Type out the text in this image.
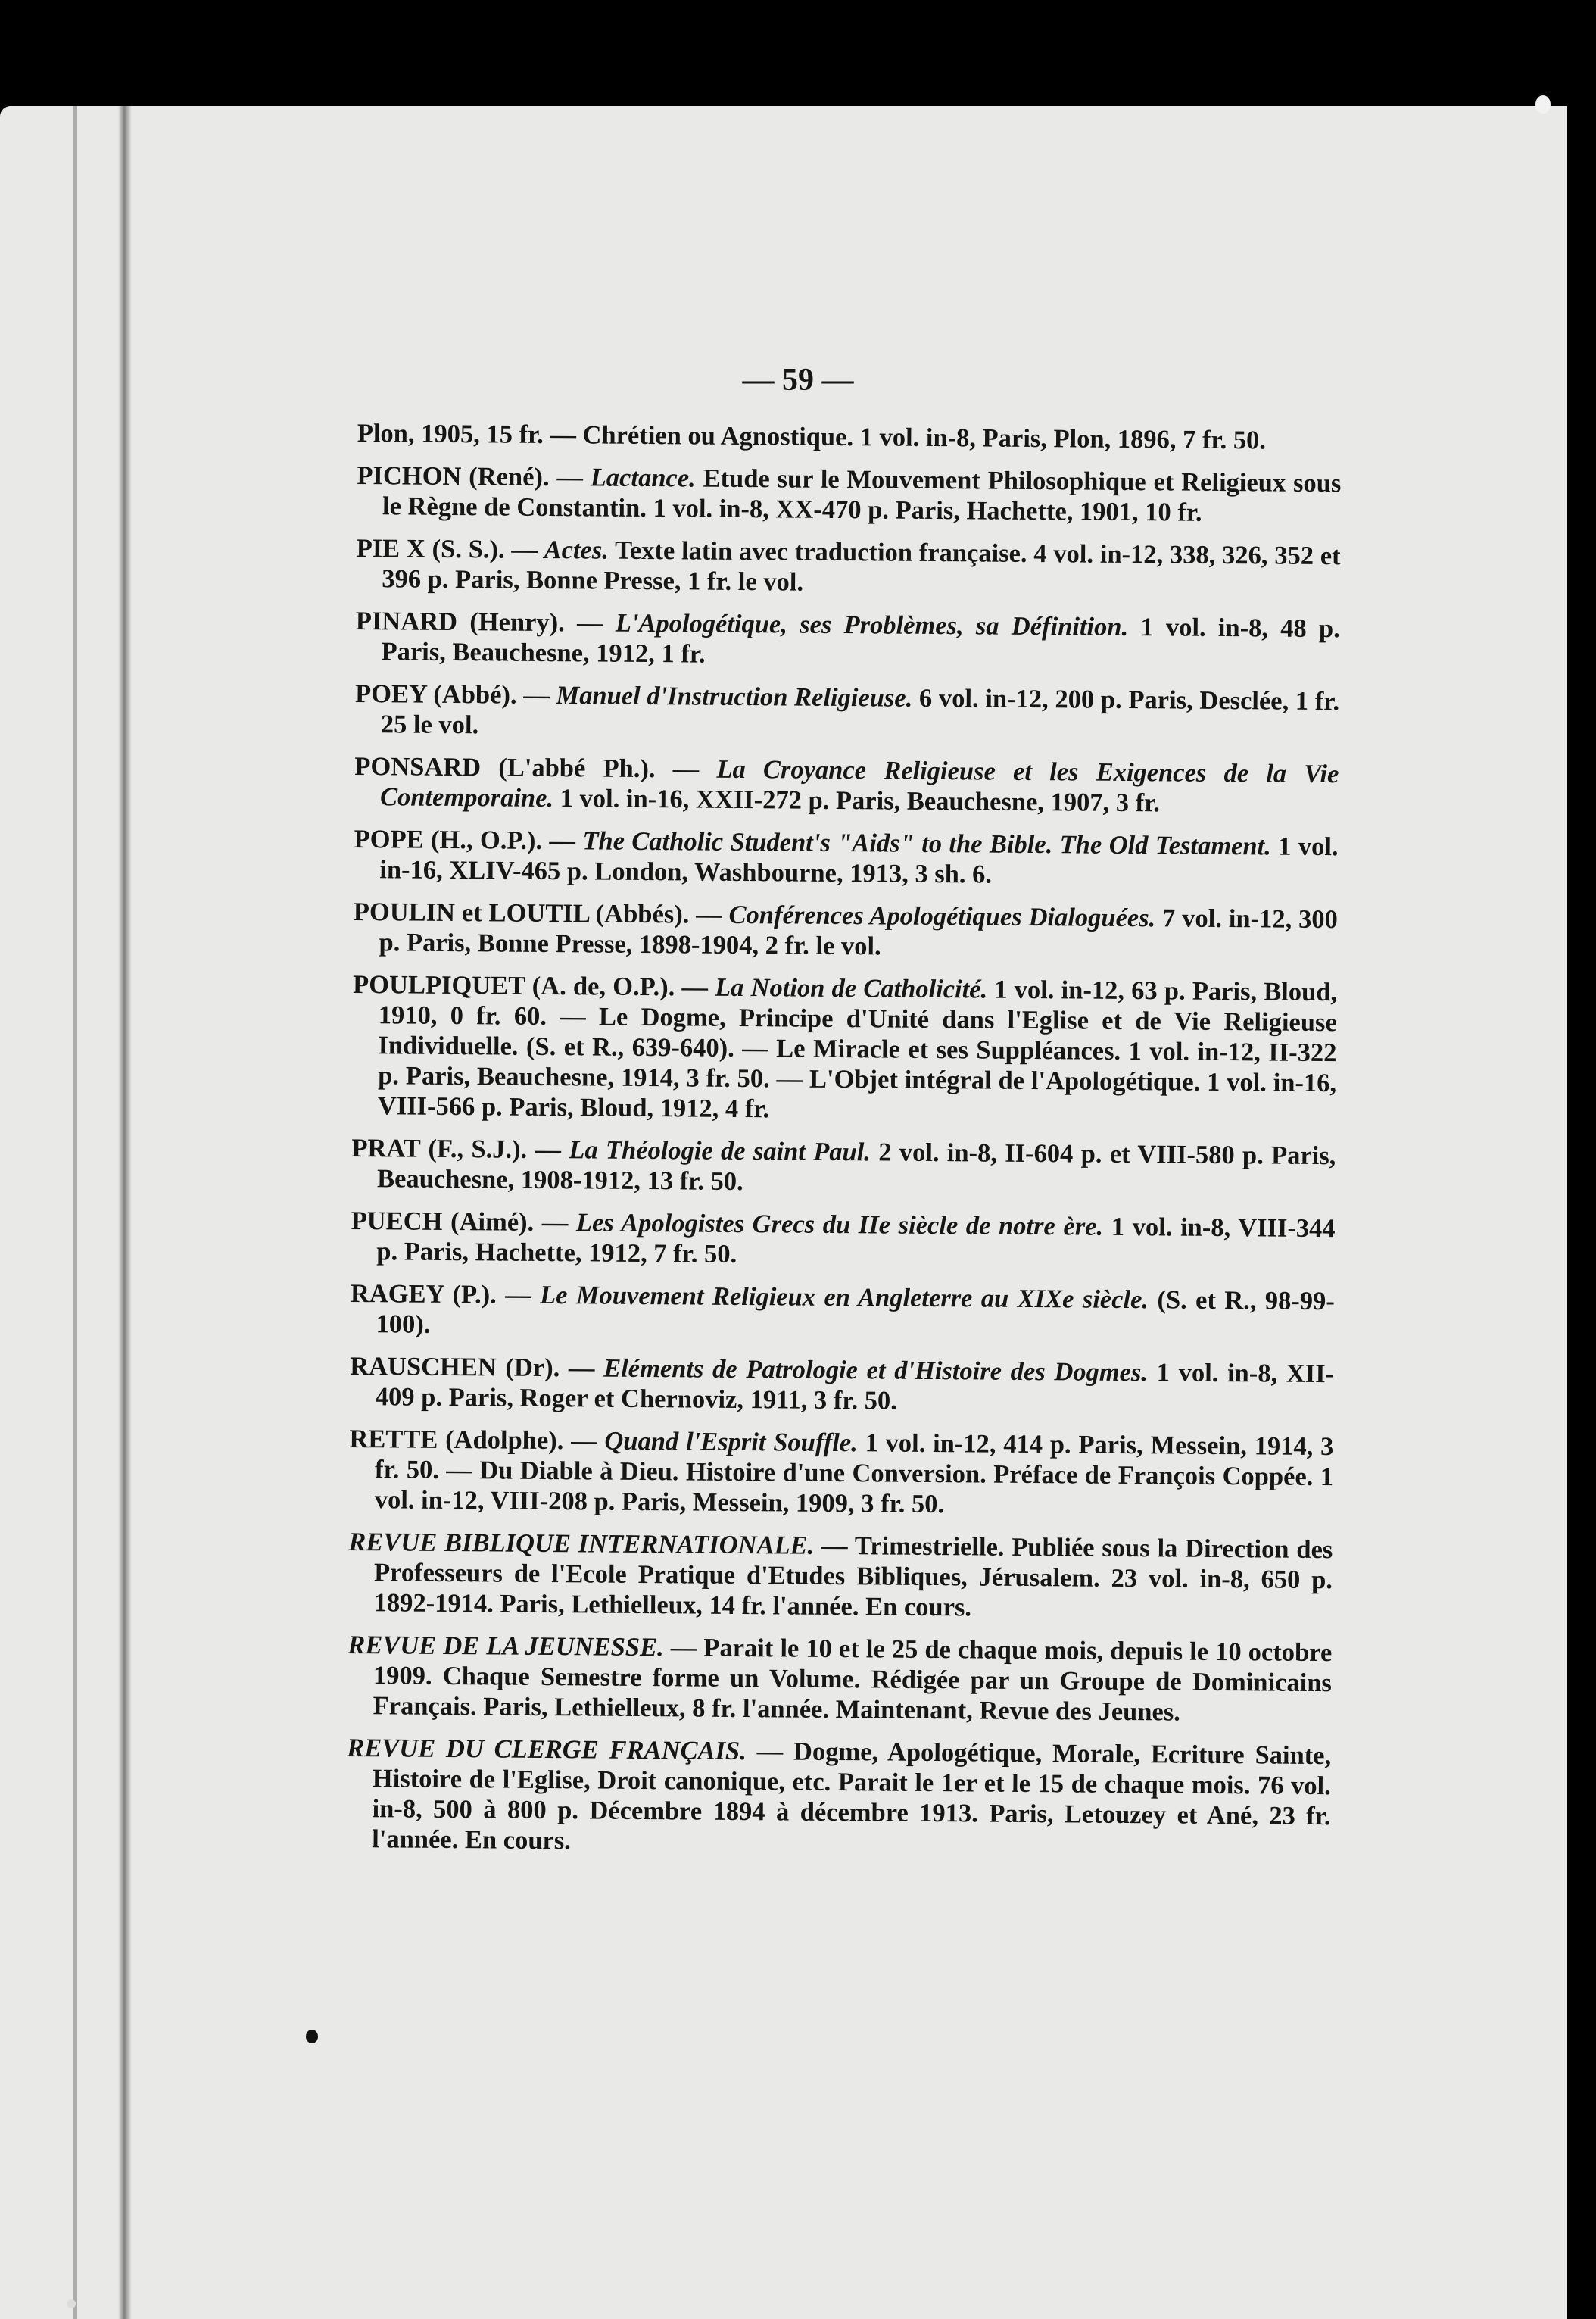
— 59 —

Plon, 1905, 15 fr. — Chrétien ou Agnostique. 1 vol. in-8, Paris, Plon, 1896, 7 fr. 50.

PICHON (René). — Lactance. Etude sur le Mouvement Philosophique et Religieux sous le Règne de Constantin. 1 vol. in-8, XX-470 p. Paris, Hachette, 1901, 10 fr.

PIE X (S. S.). — Actes. Texte latin avec traduction française. 4 vol. in-12, 338, 326, 352 et 396 p. Paris, Bonne Presse, 1 fr. le vol.

PINARD (Henry). — L'Apologétique, ses Problèmes, sa Définition. 1 vol. in-8, 48 p. Paris, Beauchesne, 1912, 1 fr.

POEY (Abbé). — Manuel d'Instruction Religieuse. 6 vol. in-12, 200 p. Paris, Desclée, 1 fr. 25 le vol.

PONSARD (L'abbé Ph.). — La Croyance Religieuse et les Exigences de la Vie Contemporaine. 1 vol. in-16, XXII-272 p. Paris, Beauchesne, 1907, 3 fr.

POPE (H., O.P.). — The Catholic Student's "Aids" to the Bible. The Old Testament. 1 vol. in-16, XLIV-465 p. London, Washbourne, 1913, 3 sh. 6.

POULIN et LOUTIL (Abbés). — Conférences Apologétiques Dialoguées. 7 vol. in-12, 300 p. Paris, Bonne Presse, 1898-1904, 2 fr. le vol.

POULPIQUET (A. de, O.P.). — La Notion de Catholicité. 1 vol. in-12, 63 p. Paris, Bloud, 1910, 0 fr. 60. — Le Dogme, Principe d'Unité dans l'Eglise et de Vie Religieuse Individuelle. (S. et R., 639-640). — Le Miracle et ses Suppléances. 1 vol. in-12, II-322 p. Paris, Beauchesne, 1914, 3 fr. 50. — L'Objet intégral de l'Apologétique. 1 vol. in-16, VIII-566 p. Paris, Bloud, 1912, 4 fr.

PRAT (F., S.J.). — La Théologie de saint Paul. 2 vol. in-8, II-604 p. et VIII-580 p. Paris, Beauchesne, 1908-1912, 13 fr. 50.

PUECH (Aimé). — Les Apologistes Grecs du IIe siècle de notre ère. 1 vol. in-8, VIII-344 p. Paris, Hachette, 1912, 7 fr. 50.

RAGEY (P.). — Le Mouvement Religieux en Angleterre au XIXe siècle. (S. et R., 98-99-100).

RAUSCHEN (Dr). — Eléments de Patrologie et d'Histoire des Dogmes. 1 vol. in-8, XII-409 p. Paris, Roger et Chernoviz, 1911, 3 fr. 50.

RETTE (Adolphe). — Quand l'Esprit Souffle. 1 vol. in-12, 414 p. Paris, Messein, 1914, 3 fr. 50. — Du Diable à Dieu. Histoire d'une Conversion. Préface de François Coppée. 1 vol. in-12, VIII-208 p. Paris, Messein, 1909, 3 fr. 50.

REVUE BIBLIQUE INTERNATIONALE. — Trimestrielle. Publiée sous la Direction des Professeurs de l'Ecole Pratique d'Etudes Bibliques, Jérusalem. 23 vol. in-8, 650 p. 1892-1914. Paris, Lethielleux, 14 fr. l'année. En cours.

REVUE DE LA JEUNESSE. — Parait le 10 et le 25 de chaque mois, depuis le 10 octobre 1909. Chaque Semestre forme un Volume. Rédigée par un Groupe de Dominicains Français. Paris, Lethielleux, 8 fr. l'année. Maintenant, Revue des Jeunes.

REVUE DU CLERGE FRANÇAIS. — Dogme, Apologétique, Morale, Ecriture Sainte, Histoire de l'Eglise, Droit canonique, etc. Parait le 1er et le 15 de chaque mois. 76 vol. in-8, 500 à 800 p. Décembre 1894 à décembre 1913. Paris, Letouzey et Ané, 23 fr. l'année. En cours.
